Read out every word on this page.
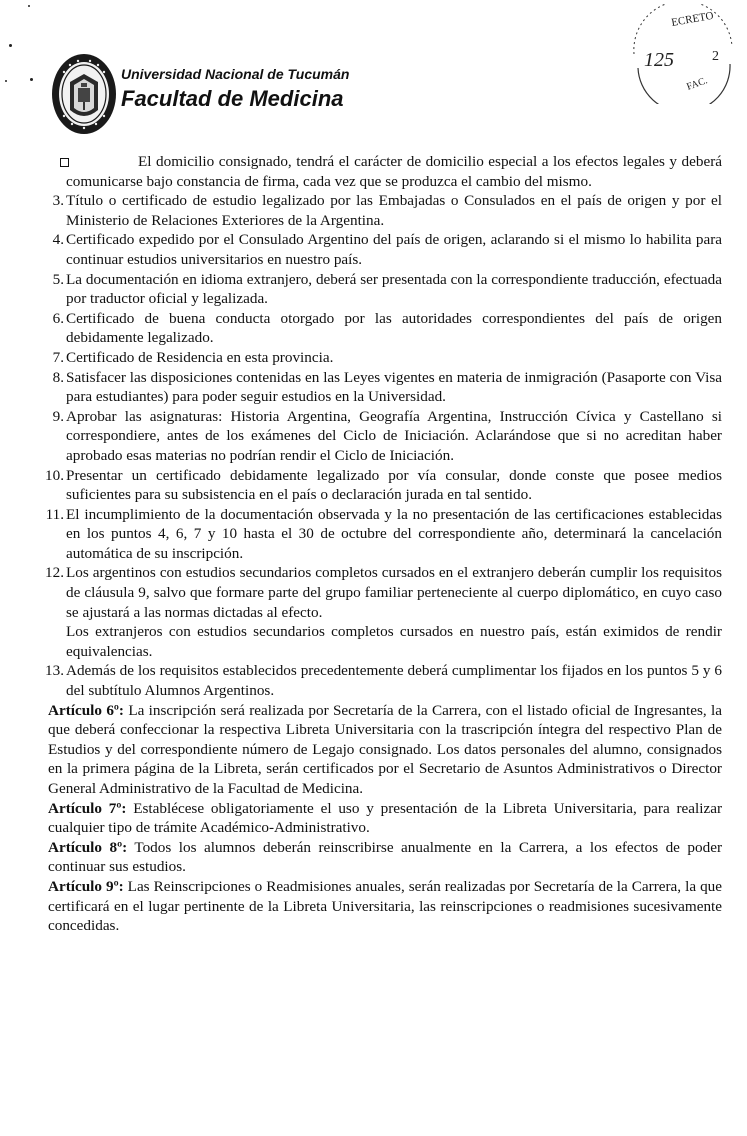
Universidad Nacional de Tucumán
Facultad de Medicina
ECRETO
FAC.
2
125
El domicilio consignado, tendrá el carácter de domicilio especial a los efectos legales y deberá comunicarse bajo constancia de firma, cada vez que se produzca el cambio del mismo.
3. Título o certificado de estudio legalizado por las Embajadas o Consulados en el país de origen y por el Ministerio de Relaciones Exteriores de la Argentina.
4. Certificado expedido por el Consulado Argentino del país de origen, aclarando si el mismo lo habilita para continuar estudios universitarios en nuestro país.
5. La documentación en idioma extranjero, deberá ser presentada con la correspondiente traducción, efectuada por traductor oficial y legalizada.
6. Certificado de buena conducta otorgado por las autoridades correspondientes del país de origen debidamente legalizado.
7. Certificado de Residencia en esta provincia.
8. Satisfacer las disposiciones contenidas en las Leyes vigentes en materia de inmigración (Pasaporte con Visa para estudiantes) para poder seguir estudios en la Universidad.
9. Aprobar las asignaturas: Historia Argentina, Geografía Argentina, Instrucción Cívica y Castellano si correspondiere, antes de los exámenes del Ciclo de Iniciación. Aclarándose que si no acreditan haber aprobado esas materias no podrían rendir el Ciclo de Iniciación.
10. Presentar un certificado debidamente legalizado por vía consular, donde conste que posee medios suficientes para su subsistencia en el país o declaración jurada en tal sentido.
11. El incumplimiento de la documentación observada y la no presentación de las certificaciones establecidas en los puntos 4, 6, 7 y 10 hasta el 30 de octubre del correspondiente año, determinará la cancelación automática de su inscripción.
12. Los argentinos con estudios secundarios completos cursados en el extranjero deberán cumplir los requisitos de cláusula 9, salvo que formare parte del grupo familiar perteneciente al cuerpo diplomático, en cuyo caso se ajustará a las normas dictadas al efecto.
Los extranjeros con estudios secundarios completos cursados en nuestro país, están eximidos de rendir equivalencias.
13. Además de los requisitos establecidos precedentemente deberá cumplimentar los fijados en los puntos 5 y 6 del subtítulo Alumnos Argentinos.
Artículo 6º: La inscripción será realizada por Secretaría de la Carrera, con el listado oficial de Ingresantes, la que deberá confeccionar la respectiva Libreta Universitaria con la trascripción íntegra del respectivo Plan de Estudios y del correspondiente número de Legajo consignado. Los datos personales del alumno, consignados en la primera página de la Libreta, serán certificados por el Secretario de Asuntos Administrativos o Director General Administrativo de la Facultad de Medicina.
Artículo 7º: Establécese obligatoriamente el uso y presentación de la Libreta Universitaria, para realizar cualquier tipo de trámite Académico-Administrativo.
Artículo 8º: Todos los alumnos deberán reinscribirse anualmente en la Carrera, a los efectos de poder continuar sus estudios.
Artículo 9º: Las Reinscripciones o Readmisiones anuales, serán realizadas por Secretaría de la Carrera, la que certificará en el lugar pertinente de la Libreta Universitaria, las reinscripciones o readmisiones sucesivamente concedidas.
